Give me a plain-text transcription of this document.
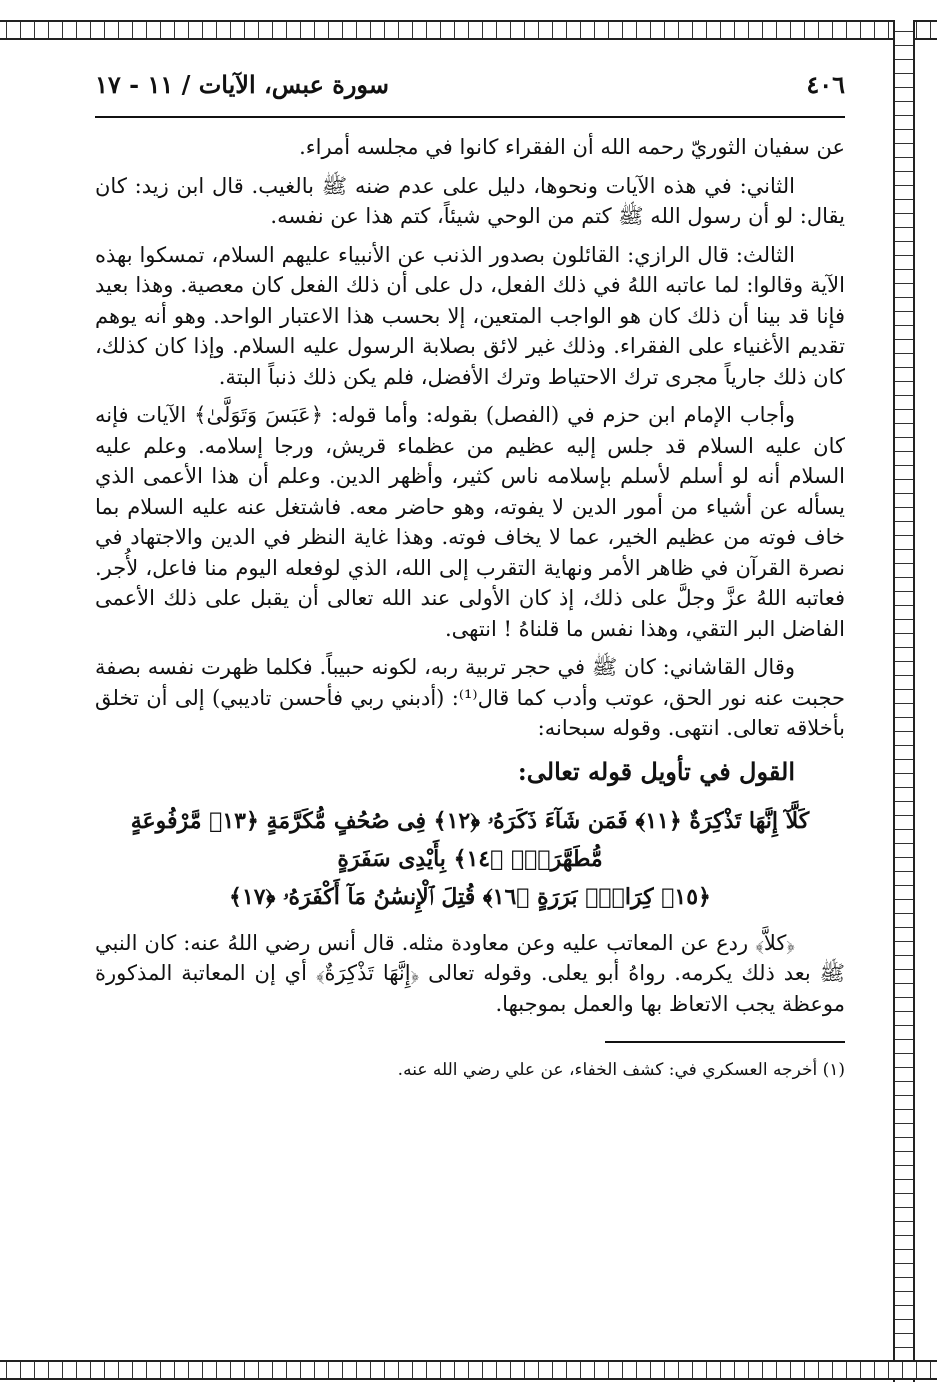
٤٠٦
سورة عبس، الآيات / ١١ - ١٧

عن سفيان الثوريّ رحمه الله أن الفقراء كانوا في مجلسه أمراء.

الثاني: في هذه الآيات ونحوها، دليل على عدم ضنه ﷺ بالغيب. قال ابن زيد: كان يقال: لو أن رسول الله ﷺ كتم من الوحي شيئاً، كتم هذا عن نفسه.

الثالث: قال الرازي: القائلون بصدور الذنب عن الأنبياء عليهم السلام، تمسكوا بهذه الآية وقالوا: لما عاتبه اللهُ في ذلك الفعل، دل على أن ذلك الفعل كان معصية. وهذا بعيد فإنا قد بينا أن ذلك كان هو الواجب المتعين، إلا بحسب هذا الاعتبار الواحد. وهو أنه يوهم تقديم الأغنياء على الفقراء. وذلك غير لائق بصلابة الرسول عليه السلام. وإذا كان كذلك، كان ذلك جارياً مجرى ترك الاحتياط وترك الأفضل، فلم يكن ذلك ذنباً البتة.

وأجاب الإمام ابن حزم في (الفصل) بقوله: وأما قوله: ﴿عَبَسَ وَتَوَلَّىٰ﴾ الآيات فإنه كان عليه السلام قد جلس إليه عظيم من عظماء قريش، ورجا إسلامه. وعلم عليه السلام أنه لو أسلم لأسلم بإسلامه ناس كثير، وأظهر الدين. وعلم أن هذا الأعمى الذي يسأله عن أشياء من أمور الدين لا يفوته، وهو حاضر معه. فاشتغل عنه عليه السلام بما خاف فوته من عظيم الخير، عما لا يخاف فوته. وهذا غاية النظر في الدين والاجتهاد في نصرة القرآن في ظاهر الأمر ونهاية التقرب إلى الله، الذي لوفعله اليوم منا فاعل، لأُجر. فعاتبه اللهُ عزَّ وجلَّ على ذلك، إذ كان الأولى عند الله تعالى أن يقبل على ذلك الأعمى الفاضل البر التقي، وهذا نفس ما قلناهُ ! انتهى.

وقال القاشاني: كان ﷺ في حجر تربية ربه، لكونه حبيباً. فكلما ظهرت نفسه بصفة حجبت عنه نور الحق، عوتب وأدب كما قال⁽¹⁾: (أدبني ربي فأحسن تاديبي) إلى أن تخلق بأخلاقه تعالى. انتهى. وقوله سبحانه:

القول في تأويل قوله تعالى:
كَلَّآ إِنَّهَا تَذْكِرَةٌ ﴿١١﴾ فَمَن شَآءَ ذَكَرَهُۥ ﴿١٢﴾ فِى صُحُفٍ مُّكَرَّمَةٍ ﴿١٣﴾ مَّرْفُوعَةٍ مُّطَهَّرَةٍۭ ﴿١٤﴾ بِأَيْدِى سَفَرَةٍ
﴿١٥﴾ كِرَامٍۭ بَرَرَةٍ ﴿١٦﴾ قُتِلَ ٱلْإِنسَٰنُ مَآ أَكْفَرَهُۥ ﴿١٧﴾

﴿كلاَّ﴾ ردع عن المعاتب عليه وعن معاودة مثله. قال أنس رضي اللهُ عنه: كان النبي ﷺ بعد ذلك يكرمه. رواهُ أبو يعلى. وقوله تعالى ﴿إِنَّهَا تَذْكِرَةٌ﴾ أي إن المعاتبة المذكورة موعظة يجب الاتعاظ بها والعمل بموجبها.

(١) أخرجه العسكري في: كشف الخفاء، عن علي رضي الله عنه.
